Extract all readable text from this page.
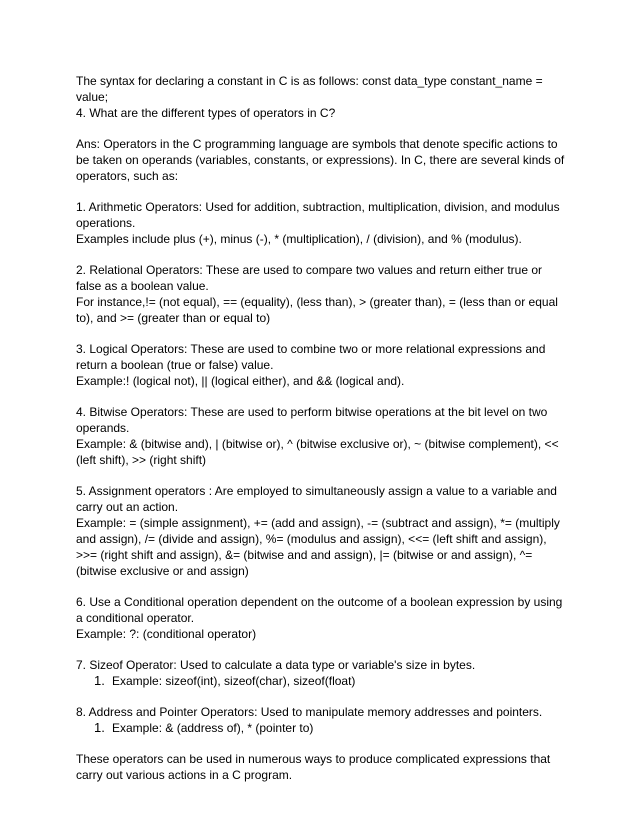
The syntax for declaring a constant in C is as follows: const data_type constant_name = value;
4. What are the different types of operators in C?
Ans: Operators in the C programming language are symbols that denote specific actions to be taken on operands (variables, constants, or expressions). In C, there are several kinds of operators, such as:
1. Arithmetic Operators: Used for addition, subtraction, multiplication, division, and modulus operations.
Examples include plus (+), minus (-), * (multiplication), / (division), and % (modulus).
2. Relational Operators: These are used to compare two values and return either true or false as a boolean value.
For instance,!= (not equal), == (equality), (less than), > (greater than), = (less than or equal to), and >= (greater than or equal to)
3. Logical Operators: These are used to combine two or more relational expressions and return a boolean (true or false) value.
Example:! (logical not), || (logical either), and && (logical and).
4. Bitwise Operators: These are used to perform bitwise operations at the bit level on two operands.
Example: & (bitwise and), | (bitwise or), ^ (bitwise exclusive or), ~ (bitwise complement), << (left shift), >> (right shift)
5. Assignment operators : Are employed to simultaneously assign a value to a variable and carry out an action.
Example: = (simple assignment), += (add and assign), -= (subtract and assign), *= (multiply and assign), /= (divide and assign), %= (modulus and assign), <<= (left shift and assign), >>= (right shift and assign), &= (bitwise and and assign), |= (bitwise or and assign), ^= (bitwise exclusive or and assign)
6. Use a Conditional operation dependent on the outcome of a boolean expression by using a conditional operator.
Example: ?: (conditional operator)
7. Sizeof Operator: Used to calculate a data type or variable's size in bytes.
1. Example: sizeof(int), sizeof(char), sizeof(float)
8. Address and Pointer Operators: Used to manipulate memory addresses and pointers.
1. Example: & (address of), * (pointer to)
These operators can be used in numerous ways to produce complicated expressions that carry out various actions in a C program.
